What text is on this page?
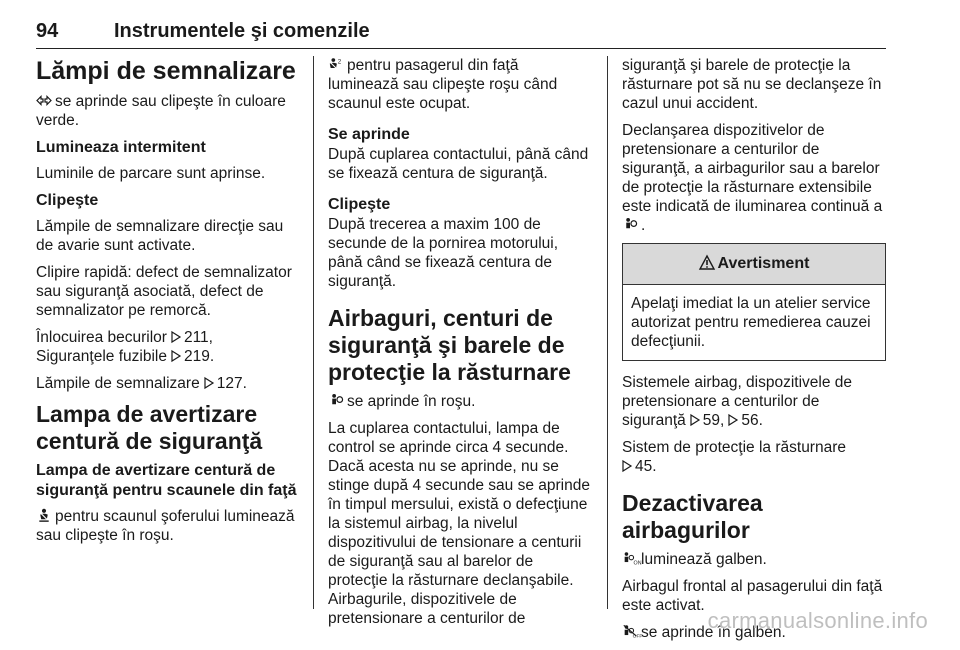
94	Instrumentele şi comenzile
Lămpi de semnalizare

se aprinde sau clipeşte în culoare verde.

Lumineaza intermitent

Luminile de parcare sunt aprinse.

Clipeşte

Lămpile de semnalizare direcţie sau de avarie sunt activate.

Clipire rapidă: defect de semnalizator sau siguranţă asociată, defect de semnalizator pe remorcă.

Înlocuirea becurilor 211,
Siguranţele fuzibile 219.

Lămpile de semnalizare 127.

Lampa de avertizare centură de siguranţă
Lampa de avertizare centură de siguranţă pentru scaunele din faţă

pentru scaunul şoferului luminează sau clipeşte în roşu.

2 pentru pasagerul din faţă luminează sau clipeşte roşu când scaunul este ocupat.

Se aprinde

După cuplarea contactului, până când se fixează centura de siguranţă.

Clipeşte

După trecerea a maxim 100 de secunde de la pornirea motorului, până când se fixează centura de siguranţă.

Airbaguri, centuri de siguranţă şi barele de protecţie la răsturnare

se aprinde în roşu.

La cuplarea contactului, lampa de control se aprinde circa 4 secunde. Dacă acesta nu se aprinde, nu se stinge după 4 secunde sau se aprinde în timpul mersului, există o defecţiune la sistemul airbag, la nivelul dispozitivului de tensionare a centurii de siguranţă sau al barelor de protecţie la răsturnare declanşabile. Airbagurile, dispozitivele de pretensionare a centurilor de

siguranţă şi barele de protecţie la răsturnare pot să nu se declanşeze în cazul unui accident.

Declanşarea dispozitivelor de pretensionare a centurilor de siguranţă, a airbagurilor sau a barelor de protecţie la răsturnare extensibile este indicată de iluminarea continuă a .

Avertisment
Apelaţi imediat la un atelier service autorizat pentru remedierea cauzei defecţiunii.

Sistemele airbag, dispozitivele de pretensionare a centurilor de siguranţă 59, 56.

Sistem de protecţie la răsturnare
45.

Dezactivarea airbagurilor

ON luminează galben.

Airbagul frontal al pasagerului din faţă este activat.

OFF
se aprinde în galben.

carmanualsonline.info
